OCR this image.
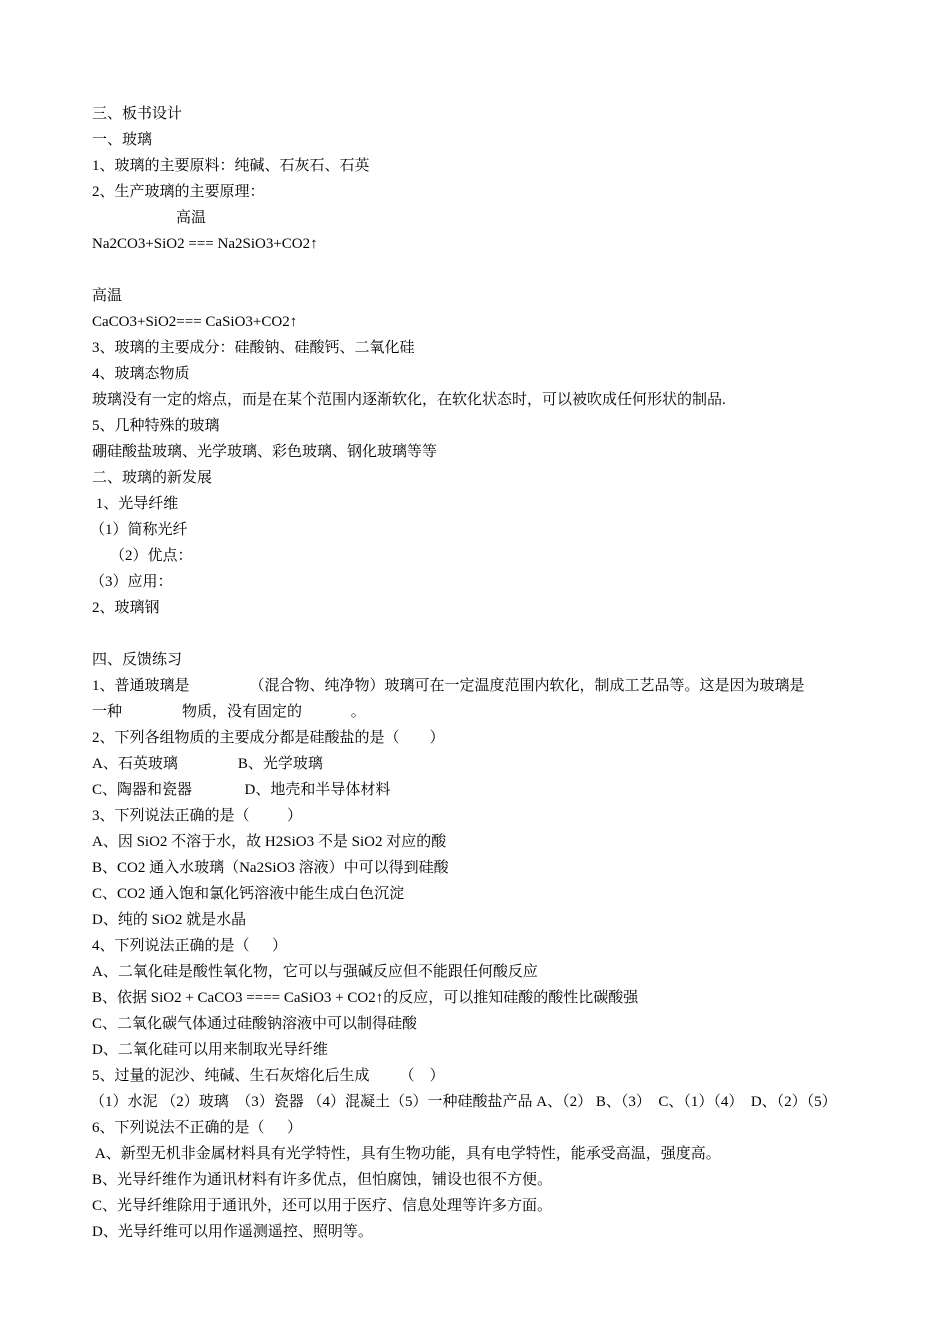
三、板书设计
一、玻璃
1、玻璃的主要原料：纯碱、石灰石、石英
2、生产玻璃的主要原理：
高温
Na2CO3+SiO2 === Na2SiO3+CO2↑
高温
CaCO3+SiO2=== CaSiO3+CO2↑
3、玻璃的主要成分：硅酸钠、硅酸钙、二氧化硅
4、玻璃态物质
玻璃没有一定的熔点，而是在某个范围内逐渐软化，在软化状态时，可以被吹成任何形状的制品.
5、几种特殊的玻璃
硼硅酸盐玻璃、光学玻璃、彩色玻璃、钢化玻璃等等
二、玻璃的新发展
1、光导纤维
（1）简称光纤
（2）优点：
（3）应用：
2、玻璃钢
四、反馈练习
1、普通玻璃是                （混合物、纯净物）玻璃可在一定温度范围内软化，制成工艺品等。这是因为玻璃是
一种                物质，没有固定的             。
2、下列各组物质的主要成分都是硅酸盐的是（        ）
A、石英玻璃                B、光学玻璃
C、陶器和瓷器              D、地壳和半导体材料
3、下列说法正确的是（          ）
A、因 SiO2 不溶于水，故 H2SiO3 不是 SiO2 对应的酸
B、CO2 通入水玻璃（Na2SiO3 溶液）中可以得到硅酸
C、CO2 通入饱和氯化钙溶液中能生成白色沉淀
D、纯的 SiO2 就是水晶
4、下列说法正确的是（      ）
A、二氧化硅是酸性氧化物，它可以与强碱反应但不能跟任何酸反应
B、依据 SiO2 + CaCO3 ==== CaSiO3 + CO2↑的反应，可以推知硅酸的酸性比碳酸强
C、二氧化碳气体通过硅酸钠溶液中可以制得硅酸
D、二氧化硅可以用来制取光导纤维
5、过量的泥沙、纯碱、生石灰熔化后生成        （    ）
（1）水泥 （2）玻璃  （3）瓷器 （4）混凝土（5）一种硅酸盐产品 A、（2） B、（3）  C、（1）（4）  D、（2）（5）
6、下列说法不正确的是（      ）
A、新型无机非金属材料具有光学特性，具有生物功能，具有电学特性，能承受高温，强度高。
B、光导纤维作为通讯材料有许多优点，但怕腐蚀，铺设也很不方便。
C、光导纤维除用于通讯外，还可以用于医疗、信息处理等许多方面。
D、光导纤维可以用作遥测遥控、照明等。
